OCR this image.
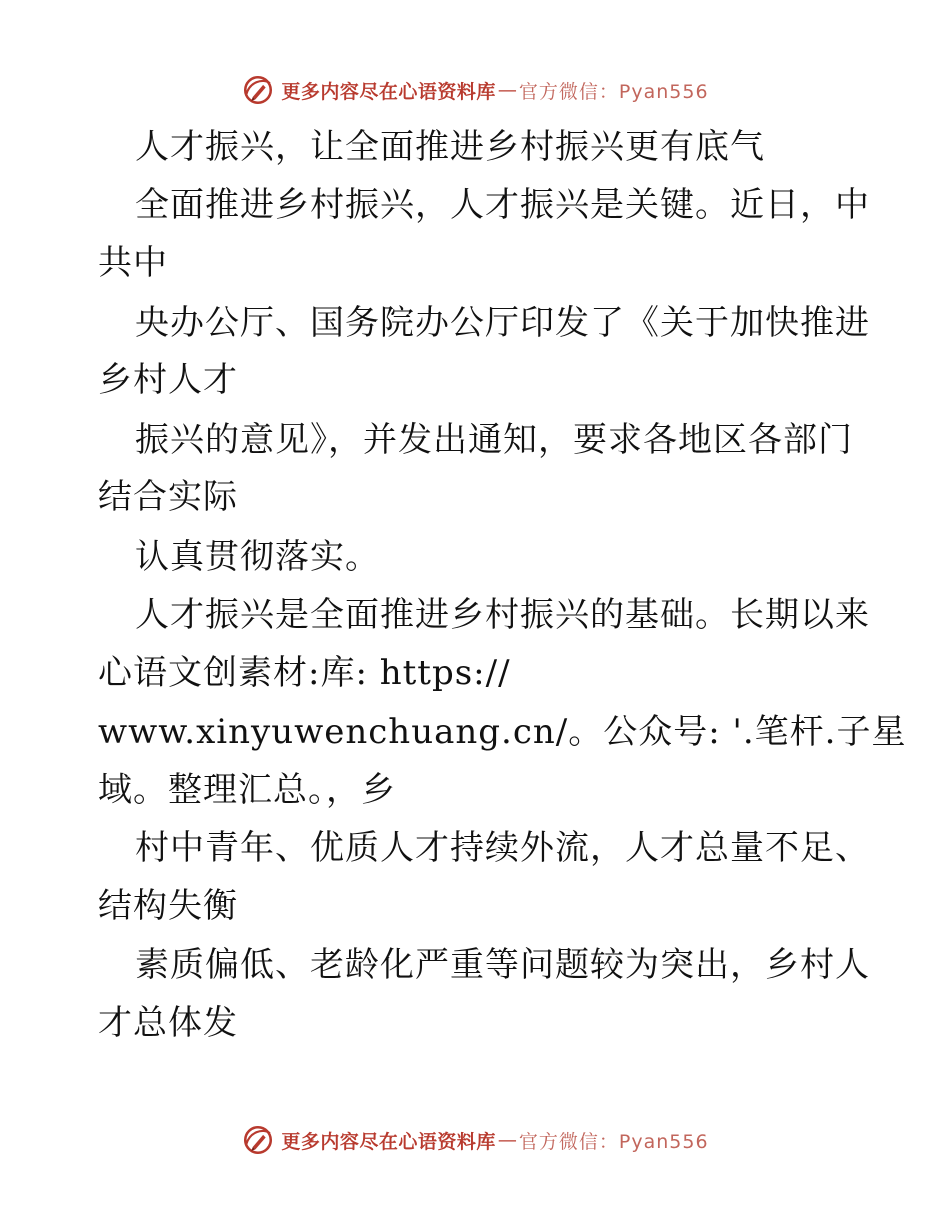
更多内容尽在心语资料库 — 官方微信：Pyan556
人才振兴，让全面推进乡村振兴更有底气
全面推进乡村振兴，人才振兴是关键。近日，中
共中
央办公厅、国务院办公厅印发了《关于加快推进
乡村人才
振兴的意见》，并发出通知，要求各地区各部门
结合实际
认真贯彻落实。
人才振兴是全面推进乡村振兴的基础。长期以来
心语文创素材:库: https://
www.xinyuwenchuang.cn/。公众号: '.笔杆.子星
域。整理汇总。，乡
村中青年、优质人才持续外流，人才总量不足、
结构失衡
素质偏低、老龄化严重等问题较为突出，乡村人
才总体发
更多内容尽在心语资料库 — 官方微信：Pyan556
